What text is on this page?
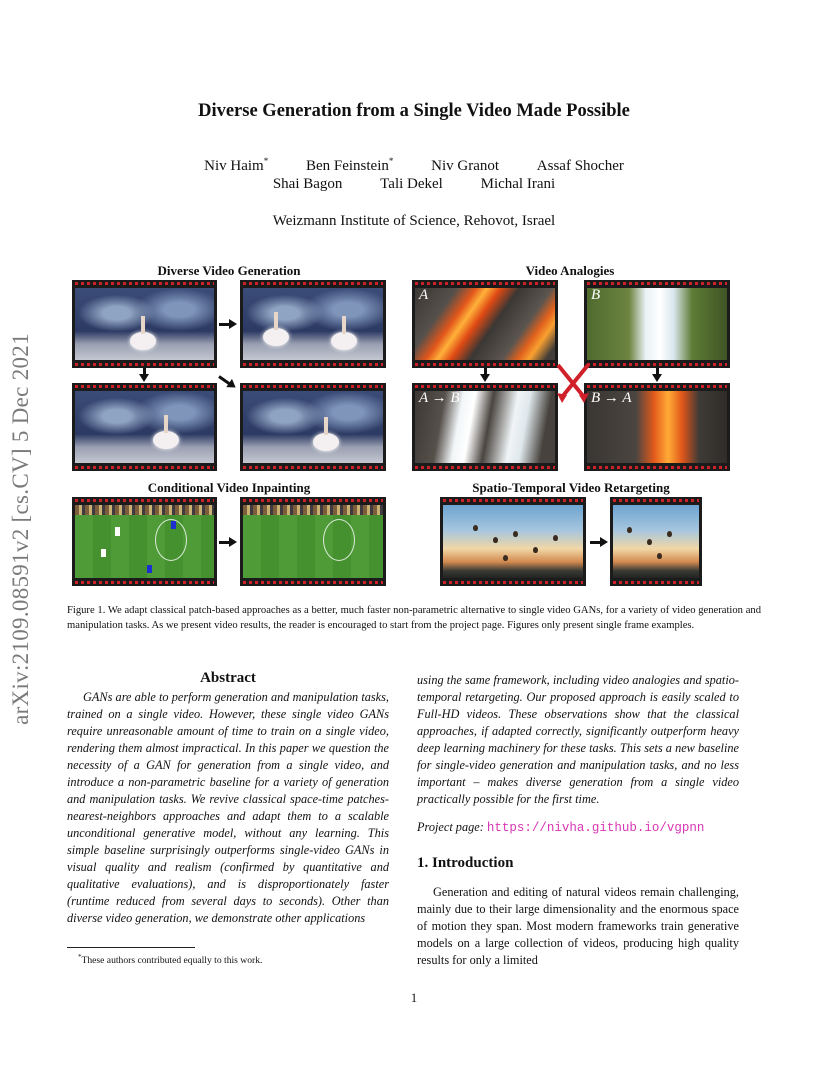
arXiv:2109.08591v2 [cs.CV] 5 Dec 2021
Diverse Generation from a Single Video Made Possible
Niv Haim*	Ben Feinstein*	Niv Granot	Assaf Shocher
Shai Bagon	Tali Dekel	Michal Irani
Weizmann Institute of Science, Rehovot, Israel
Diverse Video Generation	Video Analogies
A	B
A → B	B → A
Conditional Video Inpainting	Spatio-Temporal Video Retargeting
Figure 1. We adapt classical patch-based approaches as a better, much faster non-parametric alternative to single video GANs, for a variety of video generation and manipulation tasks. As we present video results, the reader is encouraged to start from the project page. Figures only present single frame examples.
Abstract
GANs are able to perform generation and manipulation tasks, trained on a single video. However, these single video GANs require unreasonable amount of time to train on a single video, rendering them almost impractical. In this paper we question the necessity of a GAN for generation from a single video, and introduce a non-parametric baseline for a variety of generation and manipulation tasks. We revive classical space-time patches-nearest-neighbors approaches and adapt them to a scalable unconditional generative model, without any learning. This simple baseline surprisingly outperforms single-video GANs in visual quality and realism (confirmed by quantitative and qualitative evaluations), and is disproportionately faster (runtime reduced from several days to seconds). Other than diverse video generation, we demonstrate other applications
*These authors contributed equally to this work.
using the same framework, including video analogies and spatio-temporal retargeting. Our proposed approach is easily scaled to Full-HD videos. These observations show that the classical approaches, if adapted correctly, significantly outperform heavy deep learning machinery for these tasks. This sets a new baseline for single-video generation and manipulation tasks, and no less important – makes diverse generation from a single video practically possible for the first time.
Project page: https://nivha.github.io/vgpnn
1. Introduction
Generation and editing of natural videos remain challenging, mainly due to their large dimensionality and the enormous space of motion they span. Most modern frameworks train generative models on a large collection of videos, producing high quality results for only a limited
1
